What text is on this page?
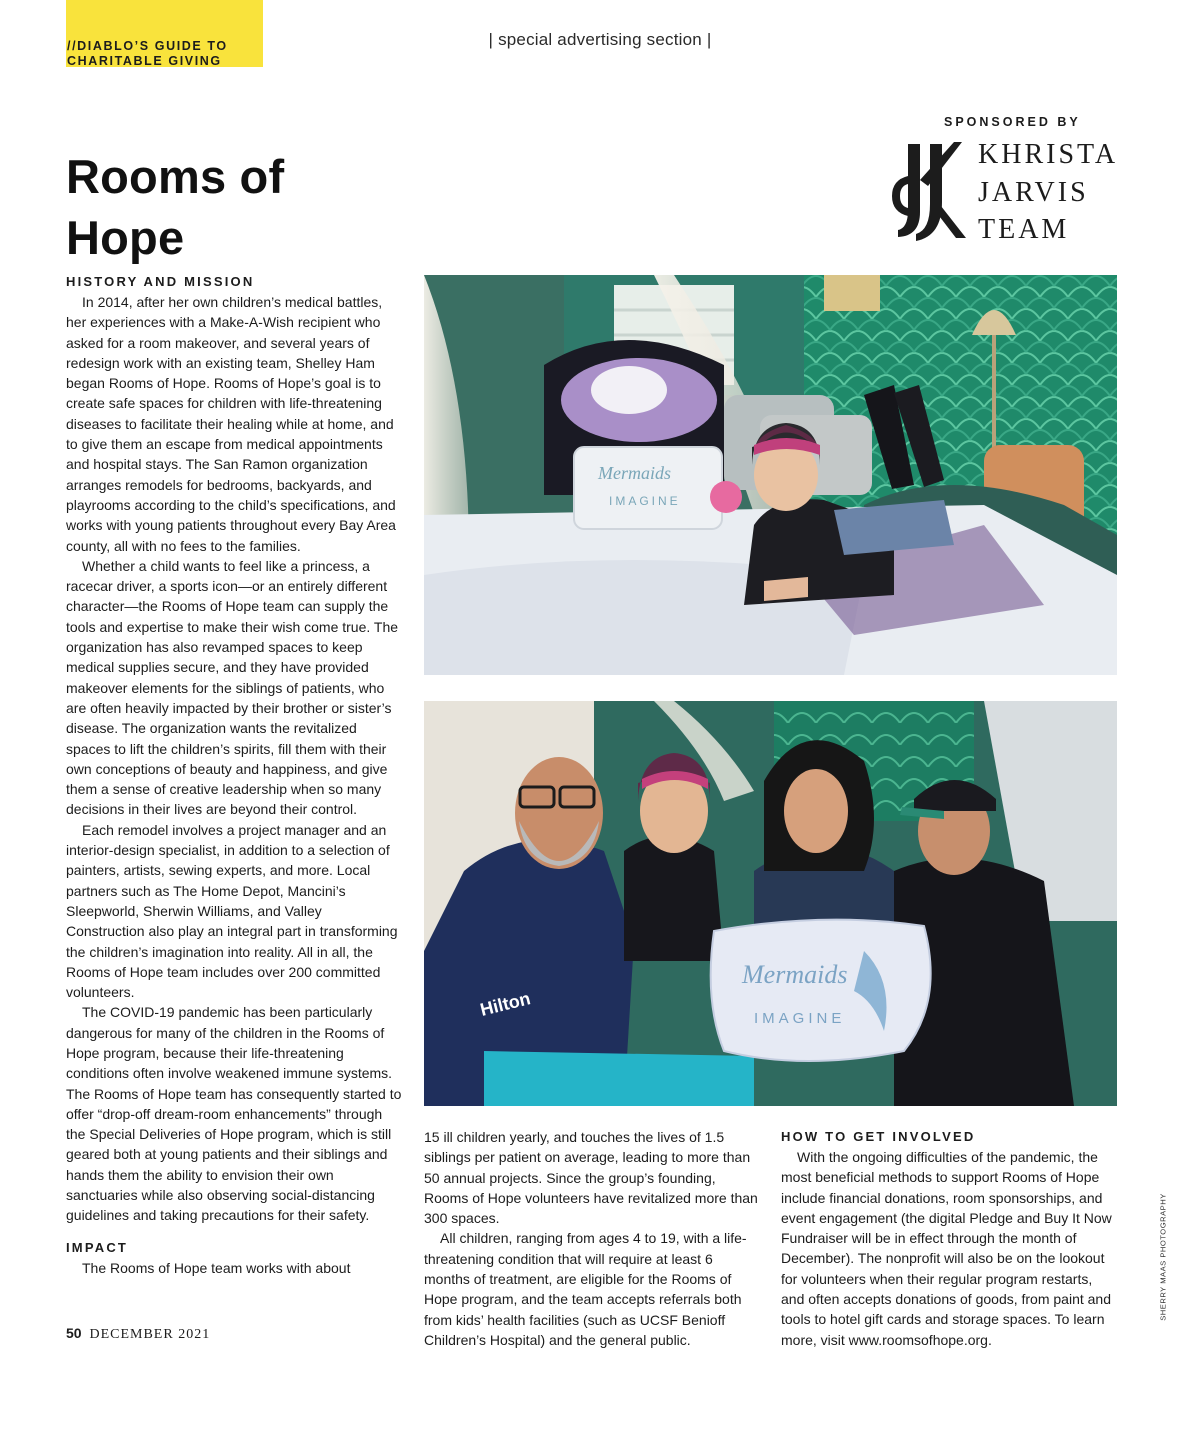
//DIABLO’S GUIDE TO CHARITABLE GIVING
| special advertising section |
SPONSORED BY
KHRISTA
JARVIS
TEAM
Rooms of Hope
HISTORY AND MISSION

In 2014, after her own children’s medical battles, her experiences with a Make-A-Wish recipient who asked for a room makeover, and several years of redesign work with an existing team, Shelley Ham began Rooms of Hope. Rooms of Hope’s goal is to create safe spaces for children with life-threatening diseases to facilitate their healing while at home, and to give them an escape from medical appointments and hospital stays. The San Ramon organization arranges remodels for bedrooms, backyards, and playrooms according to the child’s specifications, and works with young patients throughout every Bay Area county, all with no fees to the families.

Whether a child wants to feel like a princess, a racecar driver, a sports icon—or an entirely different character—the Rooms of Hope team can supply the tools and expertise to make their wish come true. The organization has also revamped spaces to keep medical supplies secure, and they have provided makeover elements for the siblings of patients, who are often heavily impacted by their brother or sister’s disease. The organization wants the revitalized spaces to lift the children’s spirits, fill them with their own conceptions of beauty and happiness, and give them a sense of creative leadership when so many decisions in their lives are beyond their control.

Each remodel involves a project manager and an interior-design specialist, in addition to a selection of painters, artists, sewing experts, and more. Local partners such as The Home Depot, Mancini’s Sleepworld, Sherwin Williams, and Valley Construction also play an integral part in transforming the children’s imagination into reality. All in all, the Rooms of Hope team includes over 200 committed volunteers.

The COVID-19 pandemic has been particularly dangerous for many of the children in the Rooms of Hope program, because their life-threatening conditions often involve weakened immune systems. The Rooms of Hope team has consequently started to offer “drop-off dream-room enhancements” through the Special Deliveries of Hope program, which is still geared both at young patients and their siblings and hands them the ability to envision their own sanctuaries while also observing social-distancing guidelines and taking precautions for their safety.

IMPACT

The Rooms of Hope team works with about

15 ill children yearly, and touches the lives of 1.5 siblings per patient on average, leading to more than 50 annual projects. Since the group’s founding, Rooms of Hope volunteers have revitalized more than 300 spaces.

All children, ranging from ages 4 to 19, with a life-threatening condition that will require at least 6 months of treatment, are eligible for the Rooms of Hope program, and the team accepts referrals both from kids’ health facilities (such as UCSF Benioff Children’s Hospital) and the general public.

HOW TO GET INVOLVED

With the ongoing difficulties of the pandemic, the most beneficial methods to support Rooms of Hope include financial donations, room sponsorships, and event engagement (the digital Pledge and Buy It Now Fundraiser will be in effect through the month of December). The nonprofit will also be on the lookout for volunteers when their regular program restarts, and often accepts donations of goods, from paint and tools to hotel gift cards and storage spaces. To learn more, visit www.roomsofhope.org.

Mermaids
IMAGINE
Hilton
Mermaids
IMAGINE
SHERRY MAAS PHOTOGRAPHY
50 DECEMBER 2021
